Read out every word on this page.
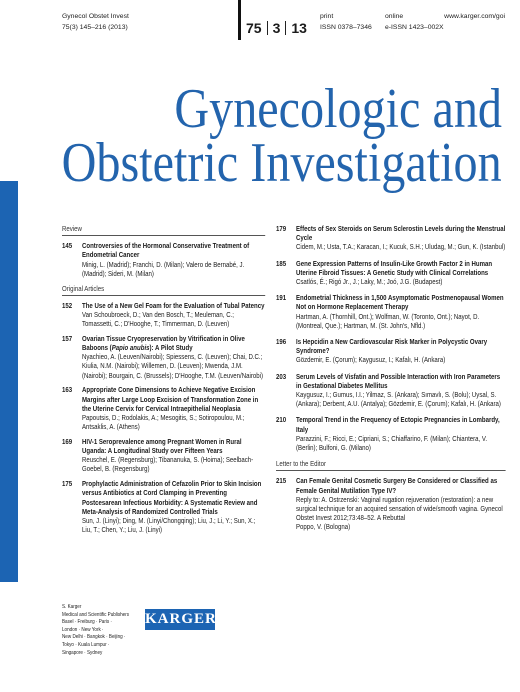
Gynecol Obstet Invest
75(3) 145–216 (2013)	75 3 13
print
ISSN 0378–7346
online
e-ISSN 1423–002X
www.karger.com/goi
Gynecologic and
Obstetric Investigation
Review
145	Controversies of the Hormonal Conservative Treatment of Endometrial Cancer
Minig, L. (Madrid); Franchi, D. (Milan); Valero de Bernabé, J. (Madrid); Sideri, M. (Milan)
Original Articles
152	The Use of a New Gel Foam for the Evaluation of Tubal Patency
Van Schoubroeck, D.; Van den Bosch, T.; Meuleman, C.; Tomassetti, C.; D'Hooghe, T.; Timmerman, D. (Leuven)
157	Ovarian Tissue Cryopreservation by Vitrification in Olive Baboons (Papio anubis): A Pilot Study
Nyachieo, A. (Leuven/Nairobi); Spiessens, C. (Leuven); Chai, D.C.; Kiulia, N.M. (Nairobi); Willemen, D. (Leuven); Mwenda, J.M. (Nairobi); Bourgain, C. (Brussels); D'Hooghe, T.M. (Leuven/Nairobi)
163	Appropriate Cone Dimensions to Achieve Negative Excision Margins after Large Loop Excision of Transformation Zone in the Uterine Cervix for Cervical Intraepithelial Neoplasia
Papoutsis, D.; Rodolakis, A.; Mesogitis, S.; Sotiropoulou, M.; Antsaklis, A. (Athens)
169	HIV-1 Seroprevalence among Pregnant Women in Rural Uganda: A Longitudinal Study over Fifteen Years
Reuschel, E. (Regensburg); Tibananuka, S. (Hoima); Seelbach-Goebel, B. (Regensburg)
175	Prophylactic Administration of Cefazolin Prior to Skin Incision versus Antibiotics at Cord Clamping in Preventing Postcesarean Infectious Morbidity: A Systematic Review and Meta-Analysis of Randomized Controlled Trials
Sun, J. (Linyi); Ding, M. (Linyi/Chongqing); Liu, J.; Li, Y.; Sun, X.; Liu, T.; Chen, Y.; Liu, J. (Linyi)
179	Effects of Sex Steroids on Serum Sclerostin Levels during the Menstrual Cycle
Cidem, M.; Usta, T.A.; Karacan, I.; Kucuk, S.H.; Uludag, M.; Gun, K. (Istanbul)
185	Gene Expression Patterns of Insulin-Like Growth Factor 2 in Human Uterine Fibroid Tissues: A Genetic Study with Clinical Correlations
Csatlós, É.; Rigó Jr., J.; Laky, M.; Joó, J.G. (Budapest)
191	Endometrial Thickness in 1,500 Asymptomatic Postmenopausal Women Not on Hormone Replacement Therapy
Hartman, A. (Thornhill, Ont.); Wolfman, W. (Toronto, Ont.); Nayot, D. (Montreal, Que.); Hartman, M. (St. John's, Nfld.)
196	Is Hepcidin a New Cardiovascular Risk Marker in Polycystic Ovary Syndrome?
Gözdemir, E. (Çorum); Kaygusuz, I.; Kafalı, H. (Ankara)
203	Serum Levels of Visfatin and Possible Interaction with Iron Parameters in Gestational Diabetes Mellitus
Kaygusuz, I.; Gumus, I.I.; Yilmaz, S. (Ankara); Sımavlı, S. (Bolu); Uysal, S. (Ankara); Derbent, A.U. (Antalya); Gözdemir, E. (Çorum); Kafalı, H. (Ankara)
210	Temporal Trend in the Frequency of Ectopic Pregnancies in Lombardy, Italy
Parazzini, F.; Ricci, E.; Cipriani, S.; Chiaffarino, F. (Milan); Chiantera, V. (Berlin); Bulfoni, G. (Milano)
Letter to the Editor
215	Can Female Genital Cosmetic Surgery Be Considered or Classified as Female Genital Mutilation Type IV?
Reply to: A. Ostrzenski: Vaginal rugation rejuvenation (restoration): a new surgical technique for an acquired sensation of wide/smooth vagina. Gynecol Obstet Invest 2012;73:48–52. A Rebuttal
Poppo, V. (Bologna)
S. Karger
Medical and Scientific Publishers
Basel · Freiburg · Paris ·
London · New York ·
New Delhi · Bangkok · Beijing ·
Tokyo · Kuala Lumpur ·
Singapore · Sydney
KARGER
